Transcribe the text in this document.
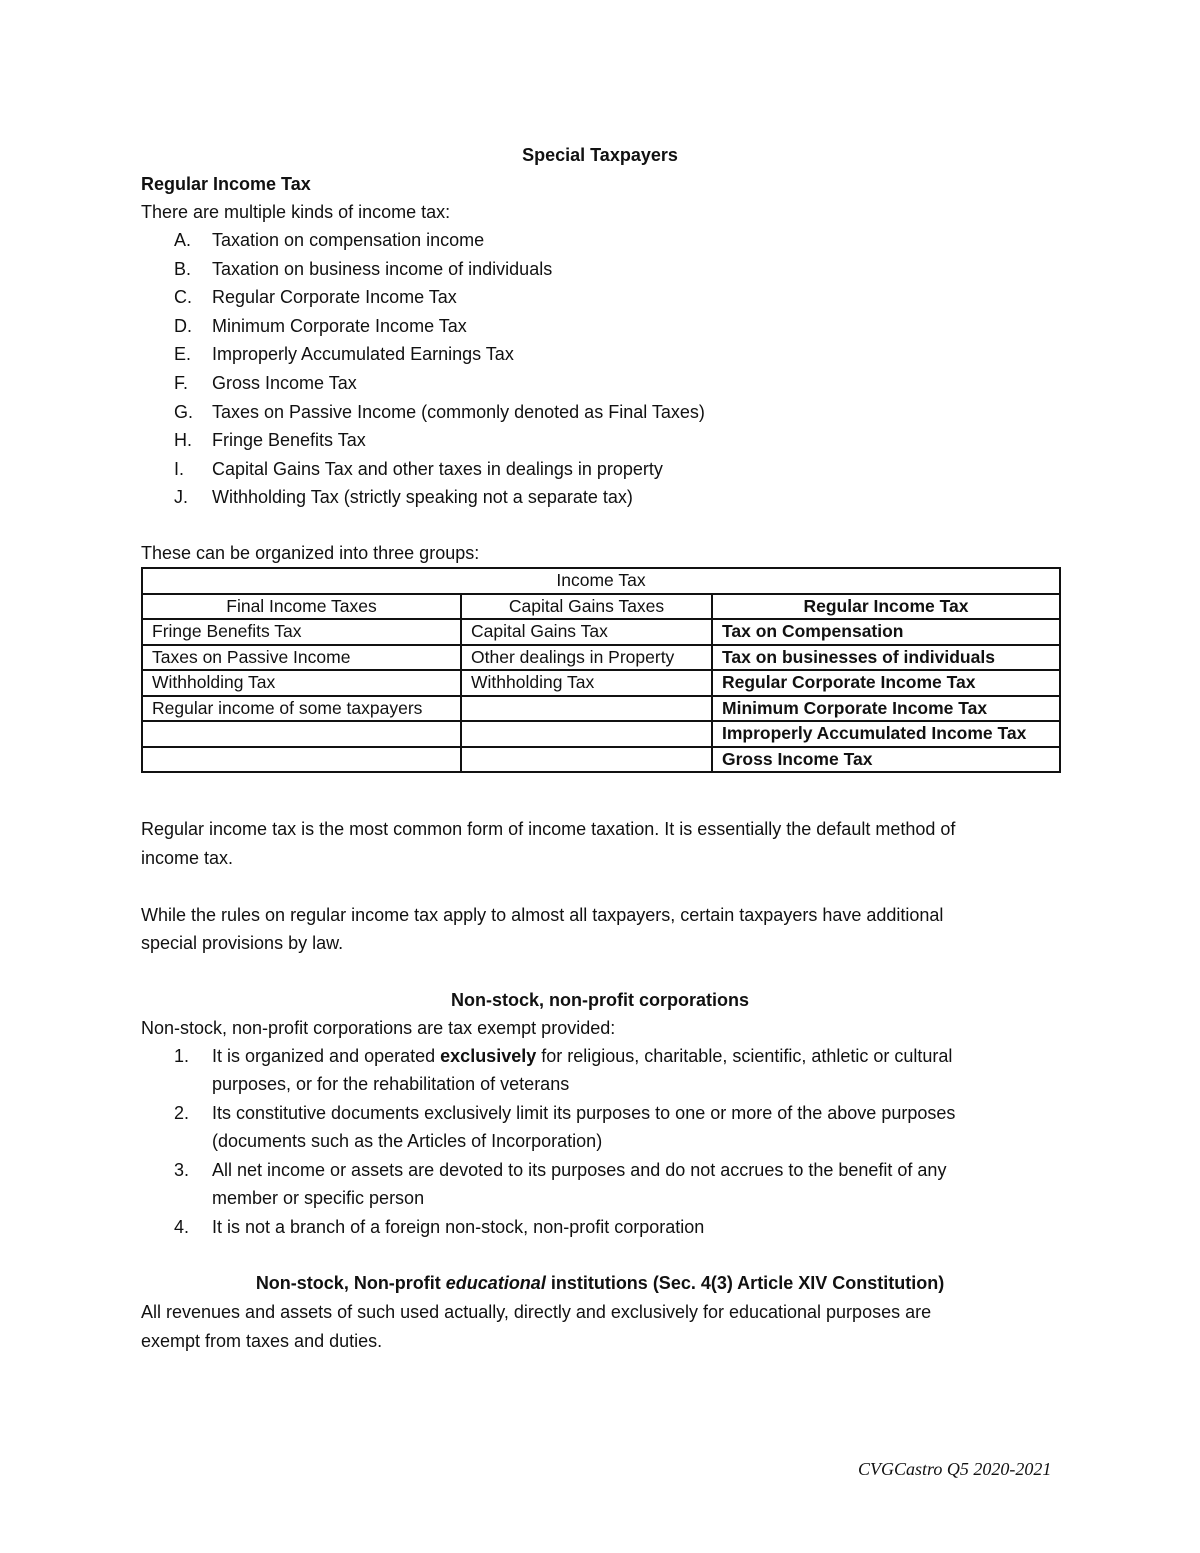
Special Taxpayers

Regular Income Tax

There are multiple kinds of income tax:

A. Taxation on compensation income
B. Taxation on business income of individuals
C. Regular Corporate Income Tax
D. Minimum Corporate Income Tax
E. Improperly Accumulated Earnings Tax
F. Gross Income Tax
G. Taxes on Passive Income (commonly denoted as Final Taxes)
H. Fringe Benefits Tax
I. Capital Gains Tax and other taxes in dealings in property
J. Withholding Tax (strictly speaking not a separate tax)

These can be organized into three groups:

Income Tax		
Final Income Taxes	Capital Gains Taxes	Regular Income Tax
Fringe Benefits Tax	Capital Gains Tax	Tax on Compensation
Taxes on Passive Income	Other dealings in Property	Tax on businesses of individuals
Withholding Tax	Withholding Tax	Regular Corporate Income Tax
Regular income of some taxpayers		Minimum Corporate Income Tax
		Improperly Accumulated Income Tax
		Gross Income Tax

Regular income tax is the most common form of income taxation. It is essentially the default method of

income tax.

While the rules on regular income tax apply to almost all taxpayers, certain taxpayers have additional

special provisions by law.

Non-stock, non-profit corporations

Non-stock, non-profit corporations are tax exempt provided:

1. It is organized and operated exclusively for religious, charitable, scientific, athletic or cultural
purposes, or for the rehabilitation of veterans
2. Its constitutive documents exclusively limit its purposes to one or more of the above purposes
(documents such as the Articles of Incorporation)
3. All net income or assets are devoted to its purposes and do not accrues to the benefit of any
member or specific person
4. It is not a branch of a foreign non-stock, non-profit corporation

Non-stock, Non-profit educational institutions (Sec. 4(3) Article XIV Constitution)

All revenues and assets of such used actually, directly and exclusively for educational purposes are

exempt from taxes and duties.

CVGCastro Q5 2020-2021
